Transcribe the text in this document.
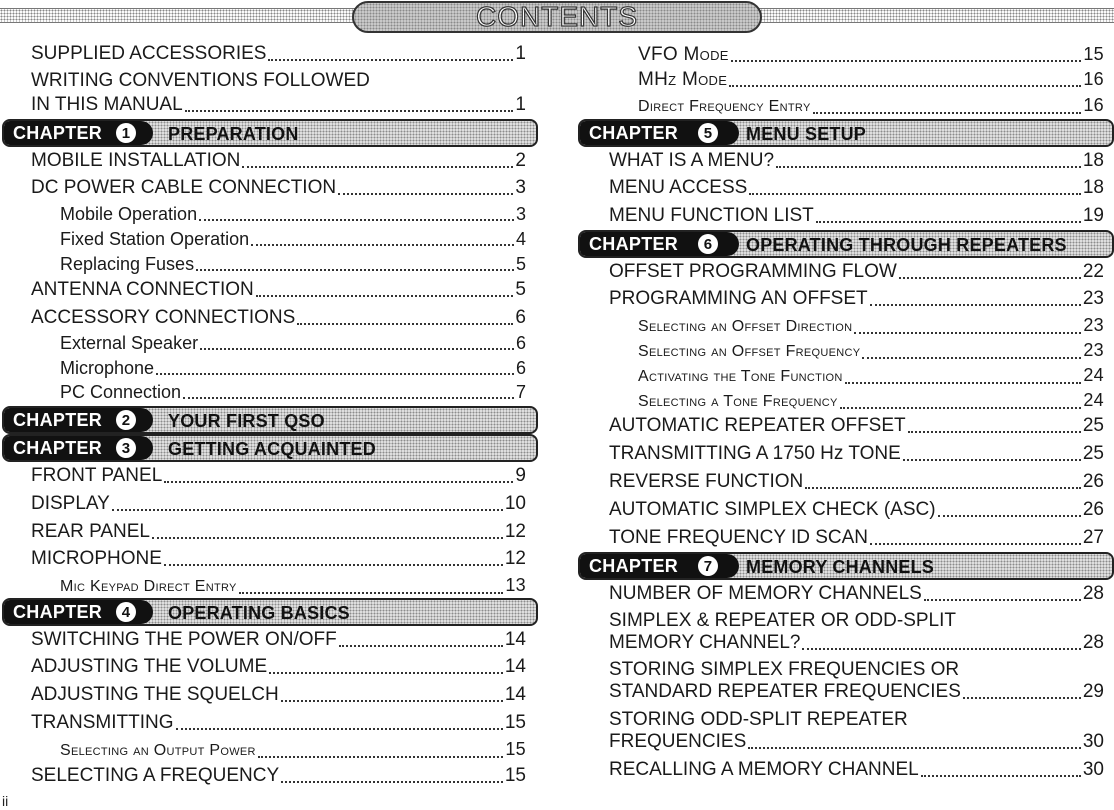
CONTENTS
SUPPLIED ACCESSORIES	1
WRITING CONVENTIONS FOLLOWED
IN THIS MANUAL	1
CHAPTER	1	PREPARATION
MOBILE INSTALLATION	2
DC POWER CABLE CONNECTION	3
Mobile Operation	3
Fixed Station Operation	4
Replacing Fuses	5
ANTENNA CONNECTION	5
ACCESSORY CONNECTIONS	6
External Speaker	6
Microphone	6
PC Connection	7
CHAPTER	2	YOUR FIRST QSO
CHAPTER	3	GETTING ACQUAINTED
FRONT PANEL	9
DISPLAY	10
REAR PANEL	12
MICROPHONE	12
Mic Keypad Direct Entry	13
CHAPTER	4	OPERATING BASICS
SWITCHING THE POWER ON/OFF	14
ADJUSTING THE VOLUME	14
ADJUSTING THE SQUELCH	14
TRANSMITTING	15
Selecting an Output Power	15
SELECTING A FREQUENCY	15
VFO Mode	15
MHz Mode	16
Direct Frequency Entry	16
CHAPTER	5	MENU SETUP
WHAT IS A MENU?	18
MENU ACCESS	18
MENU FUNCTION LIST	19
CHAPTER	6	OPERATING THROUGH REPEATERS
OFFSET PROGRAMMING FLOW	22
PROGRAMMING AN OFFSET	23
Selecting an Offset Direction	23
Selecting an Offset Frequency	23
Activating the Tone Function	24
Selecting a Tone Frequency	24
AUTOMATIC REPEATER OFFSET	25
TRANSMITTING A 1750 Hz TONE	25
REVERSE FUNCTION	26
AUTOMATIC SIMPLEX CHECK (ASC)	26
TONE FREQUENCY ID SCAN	27
CHAPTER	7	MEMORY CHANNELS
NUMBER OF MEMORY CHANNELS	28
SIMPLEX & REPEATER OR ODD-SPLIT
MEMORY CHANNEL?	28
STORING SIMPLEX FREQUENCIES OR
STANDARD REPEATER FREQUENCIES	29
STORING ODD-SPLIT REPEATER
FREQUENCIES	30
RECALLING A MEMORY CHANNEL	30
ii
